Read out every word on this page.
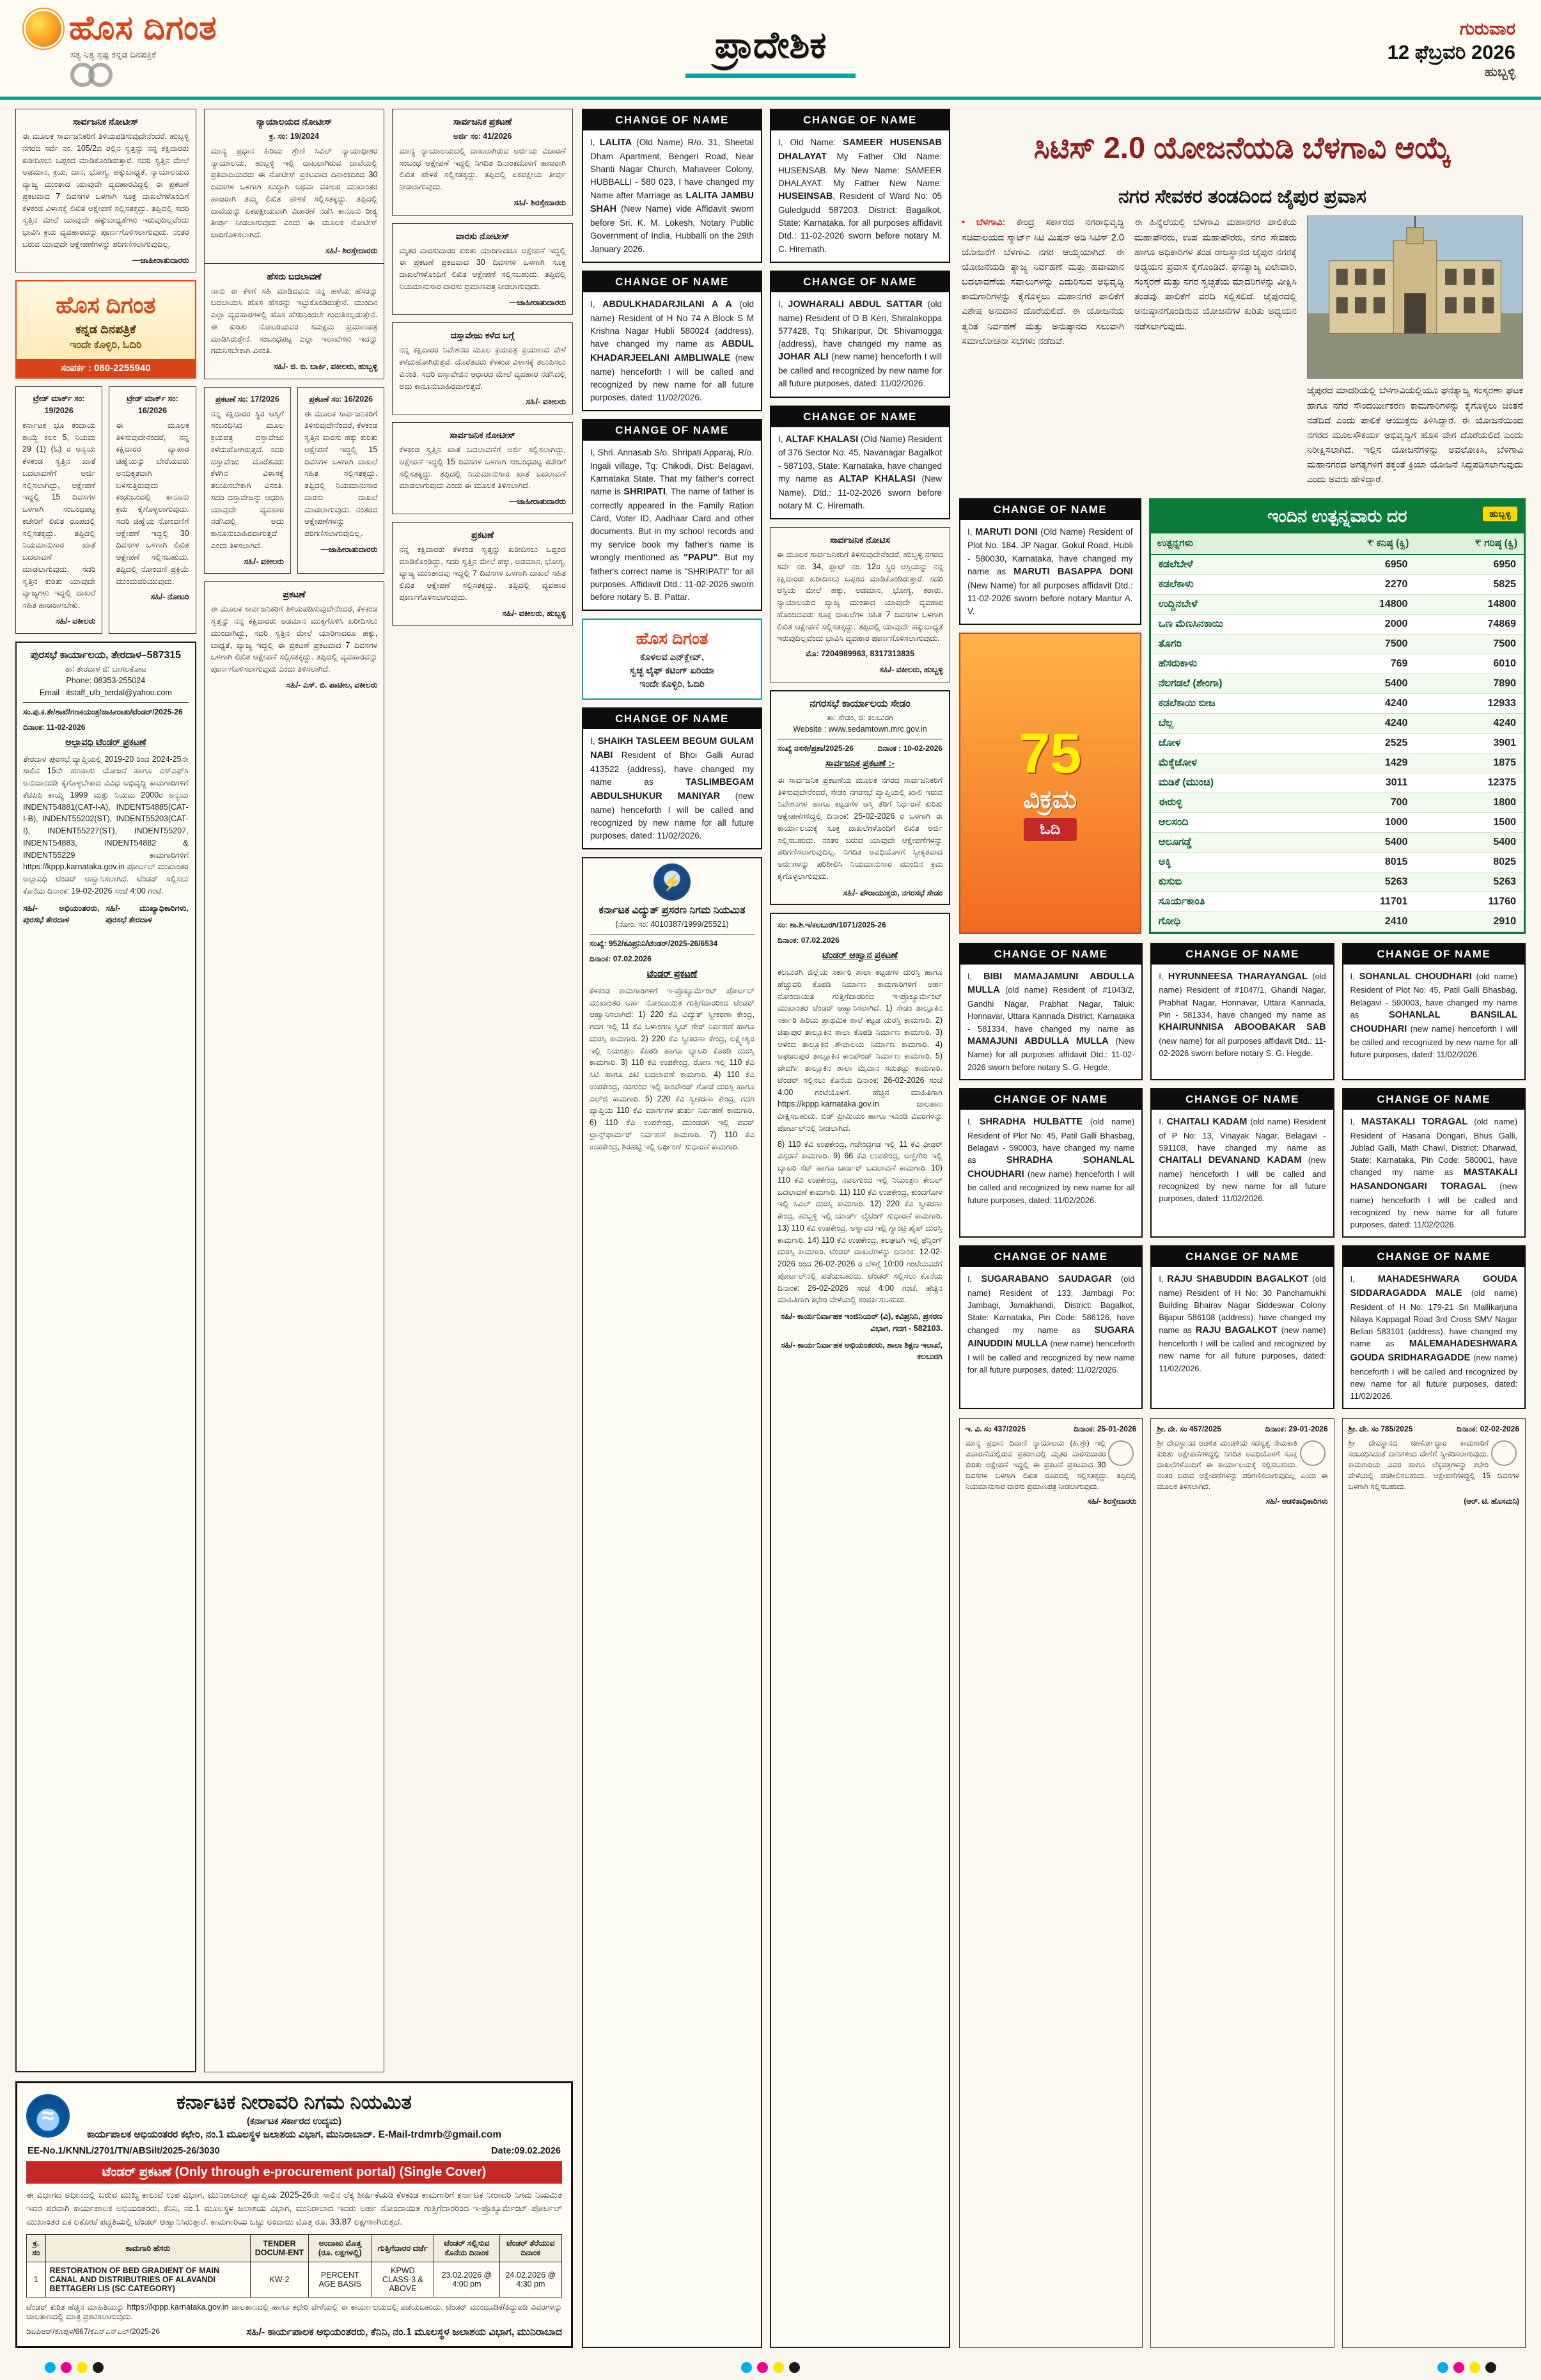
ಹೊಸ ದಿಗಂತ
ಸತ್ಯ ನಿತ್ಯ ಸ್ಪಷ್ಟ ಕನ್ನಡ ದಿನಪತ್ರಿಕೆ	ಪ್ರಾದೇಶಿಕ	ಗುರುವಾರ
12 ಫೆಬ್ರವರಿ 2026
ಹುಬ್ಬಳ್ಳಿ
ಸಾರ್ವಜನಿಕ ನೋಟೀಸ್
ಈ ಮೂಲಕ ಸಾರ್ವಜನಿಕರಿಗೆ ತಿಳಿಯಪಡಿಸುವುದೇನೆಂದರೆ, ಹುಬ್ಬಳ್ಳಿ ನಗರದ ಸರ್ವೆ ನಂ. 105/2ಬಿ ರಲ್ಲಿನ ಸ್ವತ್ತನ್ನು ನನ್ನ ಕಕ್ಷಿದಾರರು ಖರೀದಿಸಲು ಒಪ್ಪಂದ ಮಾಡಿಕೊಂಡಿರುತ್ತಾರೆ. ಸದರಿ ಸ್ವತ್ತಿನ ಮೇಲೆ ಅಡಮಾನ, ಕ್ರಯ, ದಾನ, ಭೋಗ್ಯ, ಹಕ್ಕುಬಾಧ್ಯತೆ, ನ್ಯಾಯಾಲಯದ ವ್ಯಾಜ್ಯ ಮುಂತಾದ ಯಾವುದೇ ವ್ಯವಹಾರವಿದ್ದಲ್ಲಿ ಈ ಪ್ರಕಟಣೆ ಪ್ರಕಟವಾದ 7 ದಿವಸಗಳ ಒಳಗಾಗಿ ಸೂಕ್ತ ದಾಖಲೆಗಳೊಂದಿಗೆ ಕೆಳಕಂಡ ವಿಳಾಸಕ್ಕೆ ಲಿಖಿತ ಆಕ್ಷೇಪಣೆ ಸಲ್ಲಿಸತಕ್ಕದ್ದು. ತಪ್ಪಿದಲ್ಲಿ ಸದರಿ ಸ್ವತ್ತಿನ ಮೇಲೆ ಯಾವುದೇ ಹಕ್ಕುಬಾಧ್ಯತೆಗಳು ಇರುವುದಿಲ್ಲವೆಂದು ಭಾವಿಸಿ ಕ್ರಯ ವ್ಯವಹಾರವನ್ನು ಪೂರ್ಣಗೊಳಿಸಲಾಗುವುದು. ನಂತರ ಬರುವ ಯಾವುದೇ ಆಕ್ಷೇಪಣೆಗಳನ್ನು ಪರಿಗಣಿಸಲಾಗುವುದಿಲ್ಲ.
—ಜಾಹೀರಾತುದಾರರು
ಹೊಸ ದಿಗಂತ
ಕನ್ನಡ ದಿನಪತ್ರಿಕೆ
ಇಂದೇ ಕೊಳ್ಳಿರಿ, ಓದಿರಿ
ಸಂಪರ್ಕ : 080-2255940
ಟ್ರೇಡ್ ಮಾರ್ಕ್ ಸಂ: 19/2026
ಕರ್ನಾಟಕ ಭೂ ಕಂದಾಯ ಕಾಯ್ದೆ ಕಲಂ 5, ನಿಯಮ 29 (1) (ಓ) ರ ಅನ್ವಯ ಕೆಳಕಂಡ ಸ್ವತ್ತಿನ ಖಾತೆ ಬದಲಾವಣೆಗೆ ಅರ್ಜಿ ಸಲ್ಲಿಸಲಾಗಿದ್ದು, ಆಕ್ಷೇಪಣೆ ಇದ್ದಲ್ಲಿ 15 ದಿವಸಗಳ ಒಳಗಾಗಿ ಸಂಬಂಧಪಟ್ಟ ಕಚೇರಿಗೆ ಲಿಖಿತ ರೂಪದಲ್ಲಿ ಸಲ್ಲಿಸತಕ್ಕದ್ದು. ತಪ್ಪಿದಲ್ಲಿ ನಿಯಮಾನುಸಾರ ಖಾತೆ ಬದಲಾವಣೆ ಮಾಡಲಾಗುವುದು. ಸದರಿ ಸ್ವತ್ತಿನ ಕುರಿತು ಯಾವುದೇ ವ್ಯಾಜ್ಯಗಳು ಇದ್ದಲ್ಲಿ ದಾಖಲೆ ಸಹಿತ ಹಾಜರಾಗಬೇಕು.
ಸಹಿ/- ವಕೀಲರು
ಟ್ರೇಡ್ ಮಾರ್ಕ್ ಸಂ: 16/2026
ಈ ಮೂಲಕ ತಿಳಿಸುವುದೇನೆಂದರೆ, ನನ್ನ ಕಕ್ಷಿದಾರರ ವ್ಯಾಪಾರ ಚಿಹ್ನೆಯನ್ನು ಬೇರೆಯವರು ಅನಧಿಕೃತವಾಗಿ ಬಳಸುತ್ತಿರುವುದು ಕಂಡುಬಂದಲ್ಲಿ ಕಾನೂನು ಕ್ರಮ ಕೈಗೊಳ್ಳಲಾಗುವುದು. ಸದರಿ ಚಿಹ್ನೆಯ ನೋಂದಣಿಗೆ ಆಕ್ಷೇಪಣೆ ಇದ್ದಲ್ಲಿ 30 ದಿವಸಗಳ ಒಳಗಾಗಿ ಲಿಖಿತ ಆಕ್ಷೇಪಣೆ ಸಲ್ಲಿಸಬಹುದು. ತಪ್ಪಿದಲ್ಲಿ ನೋಂದಣಿ ಪ್ರಕ್ರಿಯೆ ಮುಂದುವರಿಯುವುದು.
ಸಹಿ/- ನೋಟರಿ
ಪುರಸಭೆ ಕಾರ್ಯಾಲಯ, ತೇರದಾಳ–587315
ತಾ: ತೇರದಾಳ ಜಿ: ಬಾಗಲಕೋಟ
Phone: 08353-255024
Email : itstaff_ulb_terdal@yahoo.com
ಸಂ.ಪು.ಕ.ತೇ/ಶಾಖೆ/ಗಣಕಯಂತ್ರ/ಜಾಹೀರಾತು/ಟೆಂಡರ್/2025-26
ದಿನಾಂಕ: 11-02-2026
ಅಲ್ಪಾವಧಿ ಟೆಂಡರ್ ಪ್ರಕಟಣೆ
ತೇರದಾಳ ಪುರಸಭೆ ವ್ಯಾಪ್ತಿಯಲ್ಲಿ 2019-20 ರಿಂದ 2024-25ನೇ ಸಾಲಿನ 15ನೇ ಹಣಕಾಸು ಯೋಜನೆ ಹಾಗೂ ಎಸ್‌ಎಫ್‌ಸಿ ಅನುದಾನದಡಿ ಕೈಗೊಳ್ಳಬೇಕಾದ ವಿವಿಧ ಅಭಿವೃದ್ಧಿ ಕಾಮಗಾರಿಗಳಿಗೆ ಕೆಟಿಪಿಪಿ ಕಾಯ್ದೆ 1999 ಮತ್ತು ನಿಯಮ 2000ರ ಅನ್ವಯ INDENT54881(CAT-I-A), INDENT54885(CAT-I-B), INDENT55202(ST), INDENT55203(CAT-I), INDENT55227(ST), INDENT55207, INDENT54883, INDENT54882 & INDENT55229 ಕಾಮಗಾರಿಗಳಿಗೆ https://kppp.karnataka.gov.in ಪೋರ್ಟಲ್ ಮುಖಾಂತರ ಅಲ್ಪಾವಧಿ ಟೆಂಡರ್ ಆಹ್ವಾನಿಸಲಾಗಿದೆ. ಟೆಂಡರ್ ಸಲ್ಲಿಸಲು ಕೊನೆಯ ದಿನಾಂಕ: 19-02-2026 ಸಂಜೆ 4:00 ಗಂಟೆ.
ಸಹಿ/- ಅಭಿಯಂತರರು, ಪುರಸಭೆ ತೇರದಾಳ
ಸಹಿ/- ಮುಖ್ಯಾಧಿಕಾರಿಗಳು, ಪುರಸಭೆ ತೇರದಾಳ
ನ್ಯಾಯಾಲಯದ ನೋಟೀಸ್
ಕ್ರ. ಸಂ: 19/2024
ಮಾನ್ಯ ಪ್ರಧಾನ ಹಿರಿಯ ಶ್ರೇಣಿ ಸಿವಿಲ್ ನ್ಯಾಯಾಧೀಶರ ನ್ಯಾಯಾಲಯ, ಹುಬ್ಬಳ್ಳಿ ಇಲ್ಲಿ ದಾಖಲಾಗಿರುವ ದಾವೆಯಲ್ಲಿ ಪ್ರತಿವಾದಿಯವರು ಈ ನೋಟೀಸ್ ಪ್ರಕಟವಾದ ದಿನಾಂಕದಿಂದ 30 ದಿವಸಗಳ ಒಳಗಾಗಿ ಖುದ್ದಾಗಿ ಅಥವಾ ವಕೀಲರ ಮುಖಾಂತರ ಹಾಜರಾಗಿ ತಮ್ಮ ಲಿಖಿತ ಹೇಳಿಕೆ ಸಲ್ಲಿಸತಕ್ಕದ್ದು. ತಪ್ಪಿದಲ್ಲಿ ದಾವೆಯನ್ನು ಏಕಪಕ್ಷೀಯವಾಗಿ ವಿಚಾರಣೆ ನಡೆಸಿ ಕಾನೂನು ರೀತ್ಯ ತೀರ್ಪು ನೀಡಲಾಗುವುದು ಎಂದು ಈ ಮೂಲಕ ನೋಟೀಸ್ ಜಾರಿಗೊಳಿಸಲಾಗಿದೆ.
ಸಹಿ/- ಶಿರಸ್ತೇದಾರರು
ಹೆಸರು ಬದಲಾವಣೆ
ನಾನು ಈ ಕೆಳಗೆ ಸಹಿ ಮಾಡಿದವನು ನನ್ನ ಹಳೆಯ ಹೆಸರನ್ನು ಬದಲಾಯಿಸಿ ಹೊಸ ಹೆಸರನ್ನು ಇಟ್ಟುಕೊಂಡಿರುತ್ತೇನೆ. ಮುಂದಿನ ಎಲ್ಲಾ ವ್ಯವಹಾರಗಳಲ್ಲಿ ಹೊಸ ಹೆಸರಿನಿಂದಲೇ ಗುರುತಿಸಲ್ಪಡುತ್ತೇನೆ. ಈ ಕುರಿತು ನೋಟರಿಯವರ ಸಮಕ್ಷಮ ಪ್ರಮಾಣಪತ್ರ ಮಾಡಿಸಿರುತ್ತೇನೆ. ಸಂಬಂಧಪಟ್ಟ ಎಲ್ಲಾ ಇಲಾಖೆಗಳು ಇದನ್ನು ಗಮನಿಸಬೇಕಾಗಿ ವಿನಂತಿ.
ಸಹಿ/- ಜಿ. ಬಿ. ಬಾರ್ಕಿ, ವಕೀಲರು, ಹುಬ್ಬಳ್ಳಿ
ಪ್ರಕಟಣೆ ಸಂ: 17/2026
ನನ್ನ ಕಕ್ಷಿದಾರರ ಸ್ಥಿರ ಆಸ್ತಿಗೆ ಸಂಬಂಧಿಸಿದ ಮೂಲ ಕ್ರಯಪತ್ರ ದಸ್ತಾವೇಜು ಕಳೆದುಹೋಗಿರುತ್ತದೆ. ಸದರಿ ದಸ್ತಾವೇಜು ದೊರೆತವರು ಕೆಳಗಿನ ವಿಳಾಸಕ್ಕೆ ತಲುಪಿಸಬೇಕಾಗಿ ವಿನಂತಿ. ಸದರಿ ದಸ್ತಾವೇಜನ್ನು ಆಧರಿಸಿ ಯಾವುದೇ ವ್ಯವಹಾರ ನಡೆಸಿದಲ್ಲಿ ಅದು ಕಾನೂನುಬಾಹಿರವಾಗುತ್ತದೆ ಎಂದು ತಿಳಿಸಲಾಗಿದೆ.
ಸಹಿ/- ವಕೀಲರು
ಪ್ರಕಟಣೆ ಸಂ: 16/2026
ಈ ಮೂಲಕ ಸಾರ್ವಜನಿಕರಿಗೆ ತಿಳಿಸುವುದೇನೆಂದರೆ, ಕೆಳಕಂಡ ಸ್ವತ್ತಿನ ವಾರಸು ಹಕ್ಕು ಕುರಿತು ಆಕ್ಷೇಪಣೆ ಇದ್ದಲ್ಲಿ 15 ದಿವಸಗಳ ಒಳಗಾಗಿ ದಾಖಲೆ ಸಹಿತ ಸಲ್ಲಿಸತಕ್ಕದ್ದು. ತಪ್ಪಿದಲ್ಲಿ ನಿಯಮಾನುಸಾರ ವಾರಸು ದಾಖಲೆ ಮಾಡಲಾಗುವುದು. ನಂತರದ ಆಕ್ಷೇಪಣೆಗಳನ್ನು ಪರಿಗಣಿಸಲಾಗುವುದಿಲ್ಲ.
—ಜಾಹೀರಾತುದಾರರು
ಪ್ರಕಟಣೆ
ಈ ಮೂಲಕ ಸಾರ್ವಜನಿಕರಿಗೆ ತಿಳಿಯಪಡಿಸುವುದೇನೆಂದರೆ, ಕೆಳಕಂಡ ಸ್ವತ್ತನ್ನು ನನ್ನ ಕಕ್ಷಿದಾರರು ಅಡಮಾನ ಮುಕ್ತಗೊಳಿಸಿ ಖರೀದಿಸಲು ಮುಂದಾಗಿದ್ದು, ಸದರಿ ಸ್ವತ್ತಿನ ಮೇಲೆ ಯಾರಿಗಾದರೂ ಹಕ್ಕು, ಬಾಧ್ಯತೆ, ವ್ಯಾಜ್ಯ ಇದ್ದಲ್ಲಿ ಈ ಪ್ರಕಟಣೆ ಪ್ರಕಟವಾದ 7 ದಿವಸಗಳ ಒಳಗಾಗಿ ಲಿಖಿತ ಆಕ್ಷೇಪಣೆ ಸಲ್ಲಿಸತಕ್ಕದ್ದು. ತಪ್ಪಿದಲ್ಲಿ ವ್ಯವಹಾರವನ್ನು ಪೂರ್ಣಗೊಳಿಸಲಾಗುವುದು ಎಂದು ತಿಳಿಸಲಾಗಿದೆ.
ಸಹಿ/- ಎಸ್. ಬಿ. ಪಾಟೀಲ, ವಕೀಲರು
ಸಾರ್ವಜನಿಕ ಪ್ರಕಟಣೆ
ಅರ್ಜಿ ಸಂ: 41/2026
ಮಾನ್ಯ ನ್ಯಾಯಾಲಯದಲ್ಲಿ ದಾಖಲಾಗಿರುವ ಅರ್ಜಿಯ ವಿಚಾರಣೆ ಸಂಬಂಧ ಆಕ್ಷೇಪಣೆ ಇದ್ದಲ್ಲಿ ನಿಗದಿತ ದಿನಾಂಕದೊಳಗೆ ಹಾಜರಾಗಿ ಲಿಖಿತ ಹೇಳಿಕೆ ಸಲ್ಲಿಸತಕ್ಕದ್ದು. ತಪ್ಪಿದಲ್ಲಿ ಏಕಪಕ್ಷೀಯ ತೀರ್ಪು ನೀಡಲಾಗುವುದು.
ಸಹಿ/- ಶಿರಸ್ತೇದಾರರು
ವಾರಸು ನೋಟೀಸ್
ಮೃತರ ವಾರಸುದಾರರ ಕುರಿತು ಯಾರಿಗಾದರೂ ಆಕ್ಷೇಪಣೆ ಇದ್ದಲ್ಲಿ ಈ ಪ್ರಕಟಣೆ ಪ್ರಕಟವಾದ 30 ದಿವಸಗಳ ಒಳಗಾಗಿ ಸೂಕ್ತ ದಾಖಲೆಗಳೊಂದಿಗೆ ಲಿಖಿತ ಆಕ್ಷೇಪಣೆ ಸಲ್ಲಿಸಬಹುದು. ತಪ್ಪಿದಲ್ಲಿ ನಿಯಮಾನುಸಾರ ವಾರಸು ಪ್ರಮಾಣಪತ್ರ ನೀಡಲಾಗುವುದು.
—ಜಾಹೀರಾತುದಾರರು
ದಸ್ತಾವೇಜು ಕಳೆದ ಬಗ್ಗೆ
ನನ್ನ ಕಕ್ಷಿದಾರರ ನಿವೇಶನದ ಮೂಲ ಕ್ರಯಪತ್ರ ಪ್ರಯಾಣದ ವೇಳೆ ಕಳೆದುಹೋಗಿರುತ್ತದೆ. ದೊರೆತವರು ಕೆಳಕಂಡ ವಿಳಾಸಕ್ಕೆ ತಲುಪಿಸಲು ವಿನಂತಿ. ಸದರಿ ದಸ್ತಾವೇಜಿನ ಆಧಾರದ ಮೇಲೆ ವ್ಯವಹಾರ ನಡೆಸಿದಲ್ಲಿ ಅದು ಕಾನೂನುಬಾಹಿರವಾಗುತ್ತದೆ.
ಸಹಿ/- ವಕೀಲರು
ಸಾರ್ವಜನಿಕ ನೋಟೀಸ್
ಕೆಳಕಂಡ ಸ್ವತ್ತಿನ ಖಾತೆ ಬದಲಾವಣೆಗೆ ಅರ್ಜಿ ಸಲ್ಲಿಸಲಾಗಿದ್ದು, ಆಕ್ಷೇಪಣೆ ಇದ್ದಲ್ಲಿ 15 ದಿವಸಗಳ ಒಳಗಾಗಿ ಸಂಬಂಧಪಟ್ಟ ಕಚೇರಿಗೆ ಸಲ್ಲಿಸತಕ್ಕದ್ದು. ತಪ್ಪಿದಲ್ಲಿ ನಿಯಮಾನುಸಾರ ಖಾತೆ ಬದಲಾವಣೆ ಮಾಡಲಾಗುವುದು ಎಂದು ಈ ಮೂಲಕ ತಿಳಿಸಲಾಗಿದೆ.
—ಜಾಹೀರಾತುದಾರರು
ಪ್ರಕಟಣೆ
ನನ್ನ ಕಕ್ಷಿದಾರರು ಕೆಳಕಂಡ ಸ್ವತ್ತನ್ನು ಖರೀದಿಸಲು ಒಪ್ಪಂದ ಮಾಡಿಕೊಂಡಿದ್ದು, ಸದರಿ ಸ್ವತ್ತಿನ ಮೇಲೆ ಹಕ್ಕು, ಅಡಮಾನ, ಭೋಗ್ಯ, ವ್ಯಾಜ್ಯ ಮುಂತಾದವು ಇದ್ದಲ್ಲಿ 7 ದಿವಸಗಳ ಒಳಗಾಗಿ ದಾಖಲೆ ಸಹಿತ ಲಿಖಿತ ಆಕ್ಷೇಪಣೆ ಸಲ್ಲಿಸತಕ್ಕದ್ದು. ತಪ್ಪಿದಲ್ಲಿ ವ್ಯವಹಾರ ಪೂರ್ಣಗೊಳಿಸಲಾಗುವುದು.
ಸಹಿ/- ವಕೀಲರು, ಹುಬ್ಬಳ್ಳಿ
≈
ಕರ್ನಾಟಕ ನೀರಾವರಿ ನಿಗಮ ನಿಯಮಿತ
(ಕರ್ನಾಟಕ ಸರ್ಕಾರದ ಉದ್ಯಮ)
ಕಾರ್ಯಪಾಲಕ ಅಭಿಯಂತರರ ಕಛೇರಿ, ನಂ.1 ಮೂಲಸ್ಥಳ ಜಲಾಶಯ ವಿಭಾಗ, ಮುನಿರಾಬಾದ್. E-Mail-trdmrb@gmail.com
EE-No.1/KNNL/2701/TN/ABSilt/2025-26/3030	Date:09.02.2026
ಟೆಂಡರ್ ಪ್ರಕಟಣೆ (Only through e-procurement portal) (Single Cover)
ಈ ವಿಭಾಗದ ಅಧೀನದಲ್ಲಿ ಬರುವ ಮುಖ್ಯ ಕಾಲುವೆ ಉಪ ವಿಭಾಗ, ಮುನಿರಾಬಾದ್ ವ್ಯಾಪ್ತಿಯ 2025-26ನೇ ಸಾಲಿನ ಲೆಕ್ಕ ಶೀರ್ಷಿಕೆಯಡಿ ಕೆಳಕಂಡ ಕಾಮಗಾರಿಗೆ ಕರ್ನಾಟಕ ನೀರಾವರಿ ನಿಗಮ ನಿಯಮಿತ ಇವರ ಪರವಾಗಿ ಕಾರ್ಯಪಾಲಕ ಅಭಿಯಂತರರು, ಕೆನಿನಿ, ನಂ.1 ಮೂಲಸ್ಥಳ ಜಲಾಶಯ ವಿಭಾಗ, ಮುನಿರಾಬಾದ ಇವರು ಅರ್ಹ ನೋಂದಾಯಿತ ಗುತ್ತಿಗೆದಾರರಿಂದ ಇ-ಪ್ರೊಕ್ಯೂರ್ಮೆಂಟ್ ಪೋರ್ಟಲ್ ಮುಖಾಂತರ ಏಕ ಲಕೋಟೆ ಪದ್ಧತಿಯಲ್ಲಿ ಟೆಂಡರ್ ಆಹ್ವಾನಿಸಿರುತ್ತಾರೆ. ಕಾಮಗಾರಿಯ ಒಟ್ಟು ಅಂದಾಜು ಮೊತ್ತ ರೂ. 33.87 ಲಕ್ಷಗಳಾಗಿರುತ್ತದೆ.
ಕ್ರ. ಸಂ	ಕಾಮಗಾರಿ ಹೆಸರು	TENDER DOCUM-ENT	ಅಂದಾಜು ಮೊತ್ತ (ರೂ. ಲಕ್ಷಗಳಲ್ಲಿ)	ಗುತ್ತಿಗೆದಾರರ ದರ್ಜೆ	ಟೆಂಡರ್ ಸಲ್ಲಿಸುವ ಕೊನೆಯ ದಿನಾಂಕ	ಟೆಂಡರ್ ತೆರೆಯುವ ದಿನಾಂಕ
1	RESTORATION OF BED GRADIENT OF MAIN CANAL AND DISTRIBUTRIES OF ALAVANDI BETTAGERI LIS (SC CATEGORY)	KW-2	PERCENT AGE BASIS	KPWD CLASS-3 & ABOVE	23.02.2026 @ 4:00 pm	24.02.2026 @ 4:30 pm
ಟೆಂಡರ್ ಕುರಿತ ಹೆಚ್ಚಿನ ಮಾಹಿತಿಯನ್ನು https://kppp.karnataka.gov.in ಜಾಲತಾಣದಲ್ಲಿ ಹಾಗೂ ಕಛೇರಿ ವೇಳೆಯಲ್ಲಿ ಈ ಕಾರ್ಯಾಲಯದಲ್ಲಿ ಪಡೆಯಬಹುದು. ಟೆಂಡರ್ ಮುಂದೂಡಿಕೆ/ತಿದ್ದುಪಡಿ ವಿವರಗಳನ್ನು ಜಾಲತಾಣದಲ್ಲಿ ಮಾತ್ರ ಪ್ರಕಟಿಸಲಾಗುವುದು.
ಡಿಐಪಿಆರ್/ಕೊಪ್ಪಳ/667/ಕೆಎನ್‌ಎನ್‌ಎಲ್/2025-26	ಸಹಿ/- ಕಾರ್ಯಪಾಲಕ ಅಭಿಯಂತರರು, ಕೆನಿನಿ, ನಂ.1 ಮೂಲಸ್ಥಳ ಜಲಾಶಯ ವಿಭಾಗ, ಮುನಿರಾಬಾದ
CHANGE OF NAME
I, LALITA (Old Name) R/o. 31, Sheetal Dham Apartment, Bengeri Road, Near Shanti Nagar Church, Mahaveer Colony, HUBBALLI - 580 023, I have changed my Name after Marriage as LALITA JAMBU SHAH (New Name) vide Affidavit sworn before Sri. K. M. Lokesh, Notary Public Government of India, Hubballi on the 29th January 2026.
CHANGE OF NAME
I, ABDULKHADARJILANI A A (old name) Resident of H No 74 A Block S M Krishna Nagar Hubli 580024 (address), have changed my name as ABDUL KHADARJEELANI AMBLIWALE (new name) henceforth I will be called and recognized by new name for all future purposes, dated: 11/02/2026.
CHANGE OF NAME
I, Shri. Annasab S/o. Shripati Apparaj, R/o. Ingali village, Tq: Chikodi, Dist: Belagavi, Karnataka State. That my father's correct name is SHRIPATI. The name of father is correctly appeared in the Family Ration Card, Voter ID, Aadhaar Card and other documents. But in my school records and my service book my father's name is wrongly mentioned as "PAPU". But my father's correct name is "SHRIPATI" for all purposes. Affidavit Dtd.: 11-02-2026 sworn before notary S. B. Pattar.
ಹೊಸ ದಿಗಂತ
ಕೊಳಲವ ಎನ್‌ಕ್ಲೇವ್,
ಸ್ವಚ್ಛ ಲೈಫ್ ಕಟಿಂಗ್ ಏರಿಯಾ
ಇಂದೇ ಕೊಳ್ಳಿರಿ, ಓದಿರಿ
CHANGE OF NAME
I, SHAIKH TASLEEM BEGUM GULAM NABI Resident of Bhoi Galli Aurad 413522 (address), have changed my name as TASLIMBEGAM ABDULSHUKUR MANIYAR (new name) henceforth I will be called and recognized by new name for all future purposes, dated: 11/02/2026.
⚡
ಕರ್ನಾಟಕ ವಿದ್ಯುತ್ ಪ್ರಸರಣ ನಿಗಮ ನಿಯಮಿತ
(ನೋಂ. ಸಂ: 4010387/1999/25521)
ಸಂಖ್ಯೆ: 952/ಕವಿಪ್ರನಿನಿ/ಟೆಂಡರ್/2025-26/6534
ದಿನಾಂಕ: 07.02.2026
ಟೆಂಡರ್ ಪ್ರಕಟಣೆ
ಕೆಳಕಂಡ ಕಾಮಗಾರಿಗಳಿಗೆ ಇ-ಪ್ರೊಕ್ಯೂರ್ಮೆಂಟ್ ಪೋರ್ಟಲ್ ಮುಖಾಂತರ ಅರ್ಹ ನೋಂದಾಯಿತ ಗುತ್ತಿಗೆದಾರರಿಂದ ಟೆಂಡರ್ ಆಹ್ವಾನಿಸಲಾಗಿದೆ: 1) 220 ಕೆವಿ ವಿದ್ಯುತ್ ಸ್ವೀಕರಣಾ ಕೇಂದ್ರ, ಗದಗ ಇಲ್ಲಿ 11 ಕೆವಿ ಒಳಾಂಗಣ ಸ್ವಿಚ್ ಗೇರ್ ನಿರ್ವಹಣೆ ಹಾಗೂ ದುರಸ್ತಿ ಕಾಮಗಾರಿ. 2) 220 ಕೆವಿ ಸ್ವೀಕರಣಾ ಕೇಂದ್ರ, ಲಕ್ಷ್ಮೇಶ್ವರ ಇಲ್ಲಿ ನಿಯಂತ್ರಣ ಕೊಠಡಿ ಹಾಗೂ ಬ್ಯಾಟರಿ ಕೊಠಡಿ ದುರಸ್ತಿ ಕಾಮಗಾರಿ. 3) 110 ಕೆವಿ ಉಪಕೇಂದ್ರ, ರೋಣ ಇಲ್ಲಿ 110 ಕೆವಿ ಸಿಟಿ ಹಾಗೂ ಪಿಟಿ ಬದಲಾವಣೆ ಕಾಮಗಾರಿ. 4) 110 ಕೆವಿ ಉಪಕೇಂದ್ರ, ನರಗುಂದ ಇಲ್ಲಿ ಕಾಂಪೌಂಡ್ ಗೋಡೆ ದುರಸ್ತಿ ಹಾಗೂ ಎಲ್‌ಜಿ ಕಾಮಗಾರಿ. 5) 220 ಕೆವಿ ಸ್ವೀಕರಣಾ ಕೇಂದ್ರ, ಗದಗ ವ್ಯಾಪ್ತಿಯ 110 ಕೆವಿ ಮಾರ್ಗಗಳ ತುರ್ತು ನಿರ್ವಹಣೆ ಕಾಮಗಾರಿ. 6) 110 ಕೆವಿ ಉಪಕೇಂದ್ರ, ಮುಂಡರಗಿ ಇಲ್ಲಿ ಪವರ್ ಟ್ರಾನ್ಸ್‌ಫಾರ್ಮರ್ ನಿರ್ವಹಣೆ ಕಾಮಗಾರಿ. 7) 110 ಕೆವಿ ಉಪಕೇಂದ್ರ, ಶಿರಹಟ್ಟಿ ಇಲ್ಲಿ ಅರ್ಥಿಂಗ್ ಸುಧಾರಣೆ ಕಾಮಗಾರಿ.
CHANGE OF NAME
I, Old Name: SAMEER HUSENSAB DHALAYAT My Father Old Name: HUSENSAB. My New Name: SAMEER DHALAYAT. My Father New Name: HUSEINSAB, Resident of Ward No: 05 Guledgudd 587203. District: Bagalkot, State: Karnataka. for all purposes affidavit Dtd.: 11-02-2026 sworn before notary M. C. Hiremath.
CHANGE OF NAME
I, JOWHARALI ABDUL SATTAR (old name) Resident of D B Keri, Shiralakoppa 577428, Tq: Shikaripur, Dt: Shivamogga (address), have changed my name as JOHAR ALI (new name) henceforth I will be called and recognized by new name for all future purposes, dated: 11/02/2026.
CHANGE OF NAME
I, ALTAF KHALASI (Old Name) Resident of 376 Sector No: 45, Navanagar Bagalkot - 587103, State: Karnataka, have changed my name as ALTAP KHALASI (New Name). Dtd.: 11-02-2026 sworn before notary M. C. Hiremath.
ಸಾರ್ವಜನಿಕ ನೋಟಿಸ
ಈ ಮೂಲಕ ಸಾರ್ವಜನಿಕರಿಗೆ ತಿಳಿಸುವುದೇನೆಂದರೆ, ಹುಬ್ಬಳ್ಳಿ ನಗರದ ಸರ್ವೆ ನಂ. 34, ಪ್ಲಾಟ್ ನಂ. 12ರ ಸ್ಥಿರ ಆಸ್ತಿಯನ್ನು ನನ್ನ ಕಕ್ಷಿದಾರರು ಖರೀದಿಸಲು ಒಪ್ಪಂದ ಮಾಡಿಕೊಂಡಿರುತ್ತಾರೆ. ಸದರಿ ಆಸ್ತಿಯ ಮೇಲೆ ಹಕ್ಕು, ಅಡಮಾನ, ಭೋಗ್ಯ, ಕರಾರು, ನ್ಯಾಯಾಲಯದ ವ್ಯಾಜ್ಯ ಮುಂತಾದ ಯಾವುದೇ ವ್ಯವಹಾರ ಹೊಂದಿದವರು ಸೂಕ್ತ ದಾಖಲೆಗಳ ಸಹಿತ 7 ದಿವಸಗಳ ಒಳಗಾಗಿ ಲಿಖಿತ ಆಕ್ಷೇಪಣೆ ಸಲ್ಲಿಸತಕ್ಕದ್ದು. ತಪ್ಪಿದಲ್ಲಿ ಯಾವುದೇ ಹಕ್ಕುಬಾಧ್ಯತೆ ಇರುವುದಿಲ್ಲವೆಂದು ಭಾವಿಸಿ ವ್ಯವಹಾರ ಪೂರ್ಣಗೊಳಿಸಲಾಗುವುದು.
ಮೊ: 7204989963, 8317313835
ಸಹಿ/- ವಕೀಲರು, ಹುಬ್ಬಳ್ಳಿ
ನಗರಸಭೆ ಕಾರ್ಯಾಲಯ ಸೇಡಂ
ತಾ: ಸೇಡಂ, ಜಿ: ಕಲಬುರಗಿ
Website : www.sedamtown.mrc.gov.in
ಸಂಖ್ಯೆ ನಸಸೇ/ಪ್ರಶಾ/2025-26	ದಿನಾಂಕ : 10-02-2026
ಸಾರ್ವಜನಿಕ ಪ್ರಕಟಣೆ :-
ಈ ಸಾರ್ವಜನಿಕ ಪ್ರಕಟಣೆಯ ಮೂಲಕ ನಗರದ ಸಾರ್ವಜನಿಕರಿಗೆ ತಿಳಿಸುವುದೇನೆಂದರೆ, ಸೇಡಂ ನಗರಸಭೆ ವ್ಯಾಪ್ತಿಯಲ್ಲಿ ಖಾಲಿ ಇರುವ ನಿವೇಶನಗಳ ಹಾಗೂ ಕಟ್ಟಡಗಳ ಆಸ್ತಿ ತೆರಿಗೆ ನಿರ್ಧರಣೆ ಕುರಿತು ಆಕ್ಷೇಪಣೆಗಳಿದ್ದಲ್ಲಿ ದಿನಾಂಕ: 25-02-2026 ರ ಒಳಗಾಗಿ ಈ ಕಾರ್ಯಾಲಯಕ್ಕೆ ಸೂಕ್ತ ದಾಖಲೆಗಳೊಂದಿಗೆ ಲಿಖಿತ ಅರ್ಜಿ ಸಲ್ಲಿಸಬಹುದು. ನಂತರ ಬರುವ ಯಾವುದೇ ಆಕ್ಷೇಪಣೆಗಳನ್ನು ಪರಿಗಣಿಸಲಾಗುವುದಿಲ್ಲ. ನಿಗದಿತ ಅವಧಿಯೊಳಗೆ ಸ್ವೀಕೃತವಾದ ಅರ್ಜಿಗಳನ್ನು ಪರಿಶೀಲಿಸಿ ನಿಯಮಾನುಸಾರ ಮುಂದಿನ ಕ್ರಮ ಕೈಗೊಳ್ಳಲಾಗುವುದು.
ಸಹಿ/- ಪೌರಾಯುಕ್ತರು, ನಗರಸಭೆ ಸೇಡಂ
ಸಂ: ಶಾ.ಶಿ.ಇ/ಕಲಬುರಗಿ/1071/2025-26
ದಿನಾಂಕ: 07.02.2026
ಟೆಂಡರ್ ಆಹ್ವಾನ ಪ್ರಕಟಣೆ
ಕಲಬುರಗಿ ಜಿಲ್ಲೆಯ ಸರ್ಕಾರಿ ಶಾಲಾ ಕಟ್ಟಡಗಳ ದುರಸ್ತಿ ಹಾಗೂ ಹೆಚ್ಚುವರಿ ಕೊಠಡಿ ನಿರ್ಮಾಣ ಕಾಮಗಾರಿಗಳಿಗೆ ಅರ್ಹ ನೋಂದಾಯಿತ ಗುತ್ತಿಗೆದಾರರಿಂದ ಇ-ಪ್ರೊಕ್ಯೂರ್ಮೆಂಟ್ ಮುಖಾಂತರ ಟೆಂಡರ್ ಆಹ್ವಾನಿಸಲಾಗಿದೆ. 1) ಸೇಡಂ ತಾಲ್ಲೂಕಿನ ಸರ್ಕಾರಿ ಹಿರಿಯ ಪ್ರಾಥಮಿಕ ಶಾಲೆ ಕಟ್ಟಡ ದುರಸ್ತಿ ಕಾಮಗಾರಿ. 2) ಚಿತ್ತಾಪುರ ತಾಲ್ಲೂಕಿನ ಶಾಲಾ ಕೊಠಡಿ ನಿರ್ಮಾಣ ಕಾಮಗಾರಿ. 3) ಆಳಂದ ತಾಲ್ಲೂಕಿನ ಶೌಚಾಲಯ ನಿರ್ಮಾಣ ಕಾಮಗಾರಿ. 4) ಅಫಜಲಪುರ ತಾಲ್ಲೂಕಿನ ಕಾಂಪೌಂಡ್ ನಿರ್ಮಾಣ ಕಾಮಗಾರಿ. 5) ಜೇವರ್ಗಿ ತಾಲ್ಲೂಕಿನ ಶಾಲಾ ಮೈದಾನ ಸಮತಟ್ಟು ಕಾಮಗಾರಿ. ಟೆಂಡರ್ ಸಲ್ಲಿಸಲು ಕೊನೆಯ ದಿನಾಂಕ: 26-02-2026 ಸಂಜೆ 4:00 ಗಂಟೆಯೊಳಗೆ. ಹೆಚ್ಚಿನ ಮಾಹಿತಿಗಾಗಿ https://kppp.karnataka.gov.in ಜಾಲತಾಣ ವೀಕ್ಷಿಸಬಹುದು. ಬಿಡ್ ಪ್ರೀಮಿಯಂ ಹಾಗೂ ಇಎಂಡಿ ವಿವರಗಳನ್ನು ಪೋರ್ಟಲ್‌ನಲ್ಲಿ ನೀಡಲಾಗಿದೆ.
8) 110 ಕೆವಿ ಉಪಕೇಂದ್ರ, ಗಜೇಂದ್ರಗಡ ಇಲ್ಲಿ 11 ಕೆವಿ ಫೀಡರ್ ವಿಸ್ತರಣೆ ಕಾಮಗಾರಿ. 9) 66 ಕೆವಿ ಉಪಕೇಂದ್ರ, ಅಣ್ಣಿಗೇರಿ ಇಲ್ಲಿ ಬ್ಯಾಟರಿ ಸೆಟ್ ಹಾಗೂ ಚಾರ್ಜರ್ ಬದಲಾವಣೆ ಕಾಮಗಾರಿ. 10) 110 ಕೆವಿ ಉಪಕೇಂದ್ರ, ನವಲಗುಂದ ಇಲ್ಲಿ ನಿಯಂತ್ರಣ ಕೇಬಲ್ ಬದಲಾವಣೆ ಕಾಮಗಾರಿ. 11) 110 ಕೆವಿ ಉಪಕೇಂದ್ರ, ಕುಂದಗೋಳ ಇಲ್ಲಿ ಸಿವಿಲ್ ದುರಸ್ತಿ ಕಾಮಗಾರಿ. 12) 220 ಕೆವಿ ಸ್ವೀಕರಣಾ ಕೇಂದ್ರ, ಹುಬ್ಬಳ್ಳಿ ಇಲ್ಲಿ ಯಾರ್ಡ್ ಲೈಟಿಂಗ್ ಸುಧಾರಣೆ ಕಾಮಗಾರಿ. 13) 110 ಕೆವಿ ಉಪಕೇಂದ್ರ, ಅಳ್ನಾವರ ಇಲ್ಲಿ ಗ್ಯಾಂಟ್ರಿ ಪೈಪ್ ದುರಸ್ತಿ ಕಾಮಗಾರಿ. 14) 110 ಕೆವಿ ಉಪಕೇಂದ್ರ, ಕಲಘಟಗಿ ಇಲ್ಲಿ ಫೆನ್ಸಿಂಗ್ ದುರಸ್ತಿ ಕಾಮಗಾರಿ. ಟೆಂಡರ್ ದಾಖಲೆಗಳನ್ನು ದಿನಾಂಕ: 12-02-2026 ರಿಂದ 26-02-2026 ರ ಬೆಳಿಗ್ಗೆ 10:00 ಗಂಟೆಯವರೆಗೆ ಪೋರ್ಟಲ್‌ನಲ್ಲಿ ಪಡೆಯಬಹುದು. ಟೆಂಡರ್ ಸಲ್ಲಿಸಲು ಕೊನೆಯ ದಿನಾಂಕ: 26-02-2026 ಸಂಜೆ 4:00 ಗಂಟೆ. ಹೆಚ್ಚಿನ ಮಾಹಿತಿಗಾಗಿ ಕಛೇರಿ ವೇಳೆಯಲ್ಲಿ ಸಂಪರ್ಕಿಸಬಹುದು.
ಸಹಿ/- ಕಾರ್ಯನಿರ್ವಾಹಕ ಇಂಜಿನಿಯರ್ (ವಿ), ಕವಿಪ್ರನಿನಿ, ಪ್ರಸರಣ ವಿಭಾಗ, ಗದಗ - 582103.
ಸಹಿ/- ಕಾರ್ಯನಿರ್ವಾಹಕ ಅಭಿಯಂತರರು, ಶಾಲಾ ಶಿಕ್ಷಣ ಇಲಾಖೆ, ಕಲಬುರಗಿ
ಸಿಟಿಸ್ 2.0 ಯೋಜನೆಯಡಿ ಬೆಳಗಾವಿ ಆಯ್ಕೆ
ನಗರ ಸೇವಕರ ತಂಡದಿಂದ ಜೈಪುರ ಪ್ರವಾಸ

• ಬೆಳಗಾವಿ: ಕೇಂದ್ರ ಸರ್ಕಾರದ ನಗರಾಭಿವೃದ್ಧಿ ಸಚಿವಾಲಯದ ಸ್ಮಾರ್ಟ್ ಸಿಟಿ ಮಿಷನ್ ಅಡಿ ಸಿಟಿಸ್ 2.0 ಯೋಜನೆಗೆ ಬೆಳಗಾವಿ ನಗರ ಆಯ್ಕೆಯಾಗಿದೆ. ಈ ಯೋಜನೆಯಡಿ ತ್ಯಾಜ್ಯ ನಿರ್ವಹಣೆ ಮತ್ತು ಹವಾಮಾನ ಬದಲಾವಣೆಯ ಸವಾಲುಗಳನ್ನು ಎದುರಿಸುವ ಅಭಿವೃದ್ಧಿ ಕಾಮಗಾರಿಗಳನ್ನು ಕೈಗೊಳ್ಳಲು ಮಹಾನಗರ ಪಾಲಿಕೆಗೆ ವಿಶೇಷ ಅನುದಾನ ದೊರೆಯಲಿದೆ. ಈ ಯೋಜನೆಯ ತ್ವರಿತ ನಿರ್ವಹಣೆ ಮತ್ತು ಅನುಷ್ಠಾನದ ಸಲುವಾಗಿ ಸಮಾಲೋಚನಾ ಸಭೆಗಳು ನಡೆದಿವೆ.

ಈ ಹಿನ್ನೆಲೆಯಲ್ಲಿ ಬೆಳಗಾವಿ ಮಹಾನಗರ ಪಾಲಿಕೆಯ ಮಹಾಪೌರರು, ಉಪ ಮಹಾಪೌರರು, ನಗರ ಸೇವಕರು ಹಾಗೂ ಅಧಿಕಾರಿಗಳ ತಂಡ ರಾಜಸ್ಥಾನದ ಜೈಪುರ ನಗರಕ್ಕೆ ಅಧ್ಯಯನ ಪ್ರವಾಸ ಕೈಗೊಂಡಿದೆ. ಘನತ್ಯಾಜ್ಯ ವಿಲೇವಾರಿ, ಸಂಸ್ಕರಣೆ ಮತ್ತು ನಗರ ಸ್ವಚ್ಛತೆಯ ಮಾದರಿಗಳನ್ನು ವೀಕ್ಷಿಸಿ ತಂಡವು ಪಾಲಿಕೆಗೆ ವರದಿ ಸಲ್ಲಿಸಲಿದೆ. ಜೈಪುರದಲ್ಲಿ ಅನುಷ್ಠಾನಗೊಂಡಿರುವ ಯೋಜನೆಗಳ ಕುರಿತು ಅಧ್ಯಯನ ನಡೆಸಲಾಗುವುದು.

ಜೈಪುರದ ಮಾದರಿಯಲ್ಲಿ ಬೆಳಗಾವಿಯಲ್ಲಿಯೂ ಘನತ್ಯಾಜ್ಯ ಸಂಸ್ಕರಣಾ ಘಟಕ ಹಾಗೂ ನಗರ ಸೌಂದರ್ಯೀಕರಣ ಕಾಮಗಾರಿಗಳನ್ನು ಕೈಗೊಳ್ಳಲು ಚಿಂತನೆ ನಡೆದಿದೆ ಎಂದು ಪಾಲಿಕೆ ಆಯುಕ್ತರು ತಿಳಿಸಿದ್ದಾರೆ. ಈ ಯೋಜನೆಯಿಂದ ನಗರದ ಮೂಲಸೌಕರ್ಯ ಅಭಿವೃದ್ಧಿಗೆ ಹೊಸ ವೇಗ ದೊರೆಯಲಿದೆ ಎಂದು ನಿರೀಕ್ಷಿಸಲಾಗಿದೆ. ಇಲ್ಲಿನ ಯೋಜನೆಗಳನ್ನು ಅವಲೋಕಿಸಿ, ಬೆಳಗಾವಿ ಮಹಾನಗರದ ಅಗತ್ಯಗಳಿಗೆ ತಕ್ಕಂತೆ ಕ್ರಿಯಾ ಯೋಜನೆ ಸಿದ್ಧಪಡಿಸಲಾಗುವುದು ಎಂದು ಅವರು ಹೇಳಿದ್ದಾರೆ.

CHANGE OF NAME
I, MARUTI DONI (Old Name) Resident of Plot No. 184, JP Nagar, Gokul Road, Hubli - 580030, Karnataka, have changed my name as MARUTI BASAPPA DONI (New Name) for all purposes affidavit Dtd.: 11-02-2026 sworn before notary Mantur A. V.
75
ವಿಕ್ರಮ
ಓದಿ
ಇಂದಿನ ಉತ್ಪನ್ನವಾರು ದರ	ಹುಬ್ಬಳ್ಳಿ
ಉತ್ಪನ್ನಗಳು	₹ ಕನಿಷ್ಠ (ಕ್ವಿ)	₹ ಗರಿಷ್ಠ (ಕ್ವಿ)
ಕಡಲೆಬೇಳೆ	6950	6950
ಕಡಲೆಕಾಳು	2270	5825
ಉದ್ದಿನಬೇಳೆ	14800	14800
ಒಣ ಮೆಣಸಿನಕಾಯಿ	2000	74869
ತೊಗರಿ	7500	7500
ಹೆಸರುಕಾಳು	769	6010
ನೆಲಗಡಲೆ (ಶೇಂಗಾ)	5400	7890
ಕಡಲೆಕಾಯಿ ಬೀಜ	4240	12933
ಬೆಲ್ಲ	4240	4240
ಜೋಳ	2525	3901
ಮೆಕ್ಕೆಜೋಳ	1429	1875
ಮಡಿಕೆ (ಮುಂಚಿ)	3011	12375
ಈರುಳ್ಳಿ	700	1800
ಆಲಸಂದಿ	1000	1500
ಆಲೂಗಡ್ಡೆ	5400	5400
ಅಕ್ಕಿ	8015	8025
ಕುಸುಬಿ	5263	5263
ಸೂರ್ಯಕಾಂತಿ	11701	11760
ಗೋಧಿ	2410	2910
CHANGE OF NAME
I, BIBI MAMAJAMUNI ABDULLA MULLA (old name) Resident of #1043/2, Gandhi Nagar, Prabhat Nagar, Taluk: Honnavar, Uttara Kannada District, Karnataka - 581334, have changed my name as MAMAJUNI ABDULLA MULLA (New Name) for all purposes affidavit Dtd.: 11-02-2026 sworn before notary S. G. Hegde.
CHANGE OF NAME
I, HYRUNNEESA THARAYANGAL (old name) Resident of #1047/1, Ghandi Nagar, Prabhat Nagar, Honnavar, Uttara Kannada, Pin - 581334, have changed my name as KHAIRUNNISA ABOOBAKAR SAB (new name) for all purposes affidavit Dtd.: 11-02-2026 sworn before notary S. G. Hegde.
CHANGE OF NAME
I, SOHANLAL CHOUDHARI (old name) Resident of Plot No: 45, Patil Galli Bhasbag, Belagavi - 590003, have changed my name as SOHANLAL BANSILAL CHOUDHARI (new name) henceforth I will be called and recognized by new name for all future purposes, dated: 11/02/2026.
CHANGE OF NAME
I, SHRADHA HULBATTE (old name) Resident of Plot No: 45, Patil Galli Bhasbag, Belagavi - 590003, have changed my name as SHRADHA SOHANLAL CHOUDHARI (new name) henceforth I will be called and recognized by new name for all future purposes, dated: 11/02/2026.
CHANGE OF NAME
I, CHAITALI KADAM (old name) Resident of P No: 13, Vinayak Nagar, Belagavi - 591108, have changed my name as CHAITALI DEVANAND KADAM (new name) henceforth I will be called and recognized by new name for all future purposes, dated: 11/02/2026.
CHANGE OF NAME
I, MASTAKALI TORAGAL (old name) Resident of Hasana Dongari, Bhus Galli, Jublad Galli, Math Chawl, District: Dharwad, State: Karnataka, Pin Code: 580001, have changed my name as MASTAKALI HASANDONGARI TORAGAL (new name) henceforth I will be called and recognized by new name for all future purposes, dated: 11/02/2026.
CHANGE OF NAME
I, SUGARABANO SAUDAGAR (old name) Resident of 133, Jambagi Po: Jambagi, Jamakhandi, District: Bagalkot, State: Karnataka, Pin Code: 586126, have changed my name as SUGARA AINUDDIN MULLA (new name) henceforth I will be called and recognized by new name for all future purposes, dated: 11/02/2026.
CHANGE OF NAME
I, RAJU SHABUDDIN BAGALKOT (old name) Resident of H No: 30 Panchamukhi Building Bhairav Nagar Siddeswar Colony Bijapur 586108 (address), have changed my name as RAJU BAGALKOT (new name) henceforth I will be called and recognized by new name for all future purposes, dated: 11/02/2026.
CHANGE OF NAME
I, MAHADESHWARA GOUDA SIDDARAGADDA MALE (old name) Resident of H No: 179-21 Sri Mallikarjuna Nilaya Kappagal Road 3rd Cross SMV Nagar Bellari 583101 (address), have changed my name as MALEMAHADESHWARA GOUDA SRIDHARAGADDE (new name) henceforth I will be called and recognized by new name for all future purposes, dated: 11/02/2026.
ಇ. ವಿ. ಸಂ 437/2025	ದಿನಾಂಕ: 25-01-2026
ಮಾನ್ಯ ಪ್ರಧಾನ ದಿವಾಣಿ ನ್ಯಾಯಾಲಯ (ಹಿ.ಶ್ರೇ) ಇಲ್ಲಿ ವಿಚಾರಣೆಯಲ್ಲಿರುವ ಪ್ರಕರಣದಲ್ಲಿ ಮೃತರ ವಾರಸುದಾರರ ಕುರಿತು ಆಕ್ಷೇಪಣೆ ಇದ್ದಲ್ಲಿ ಈ ಪ್ರಕಟಣೆ ಪ್ರಕಟವಾದ 30 ದಿವಸಗಳ ಒಳಗಾಗಿ ಲಿಖಿತ ರೂಪದಲ್ಲಿ ಸಲ್ಲಿಸತಕ್ಕದ್ದು. ತಪ್ಪಿದಲ್ಲಿ ನಿಯಮಾನುಸಾರ ವಾರಸು ಪ್ರಮಾಣಪತ್ರ ನೀಡಲಾಗುವುದು.
ಸಹಿ/- ಶಿರಸ್ತೇದಾರರು
ಶ್ರೀ. ದೇ. ಸಂ 457/2025	ದಿನಾಂಕ: 29-01-2026
ಶ್ರೀ ದೇವಸ್ಥಾನದ ಆಡಳಿತ ಮಂಡಳಿಯ ಸದಸ್ಯತ್ವ ನೇಮಕಾತಿ ಕುರಿತು ಆಕ್ಷೇಪಣೆಗಳಿದ್ದಲ್ಲಿ ನಿಗದಿತ ಅವಧಿಯೊಳಗೆ ಸೂಕ್ತ ದಾಖಲೆಗಳೊಂದಿಗೆ ಈ ಕಾರ್ಯಾಲಯಕ್ಕೆ ಸಲ್ಲಿಸಬಹುದು. ನಂತರ ಬರುವ ಆಕ್ಷೇಪಣೆಗಳನ್ನು ಪರಿಗಣಿಸಲಾಗುವುದಿಲ್ಲ ಎಂದು ಈ ಮೂಲಕ ತಿಳಿಸಲಾಗಿದೆ.
ಸಹಿ/- ಆಡಳಿತಾಧಿಕಾರಿಗಳು
ಶ್ರೀ. ದೇ. ಸಂ 785/2025	ದಿನಾಂಕ: 02-02-2026
ಶ್ರೀ ದೇವಸ್ಥಾನದ ಜೀರ್ಣೋದ್ಧಾರ ಕಾಮಗಾರಿಗೆ ಸಂಬಂಧಿಸಿದಂತೆ ದಾನಿಗಳಿಂದ ದೇಣಿಗೆ ಸ್ವೀಕರಿಸಲಾಗುವುದು. ಕಾಮಗಾರಿಯ ವಿವರ ಹಾಗೂ ಲೆಕ್ಕಪತ್ರಗಳನ್ನು ಕಚೇರಿ ವೇಳೆಯಲ್ಲಿ ಪರಿಶೀಲಿಸಬಹುದು. ಆಕ್ಷೇಪಣೆಗಳಿದ್ದಲ್ಲಿ 15 ದಿವಸಗಳ ಒಳಗಾಗಿ ಸಲ್ಲಿಸಬಹುದು.
(ಆರ್. ಟಿ. ಹೊಸಮನಿ)
